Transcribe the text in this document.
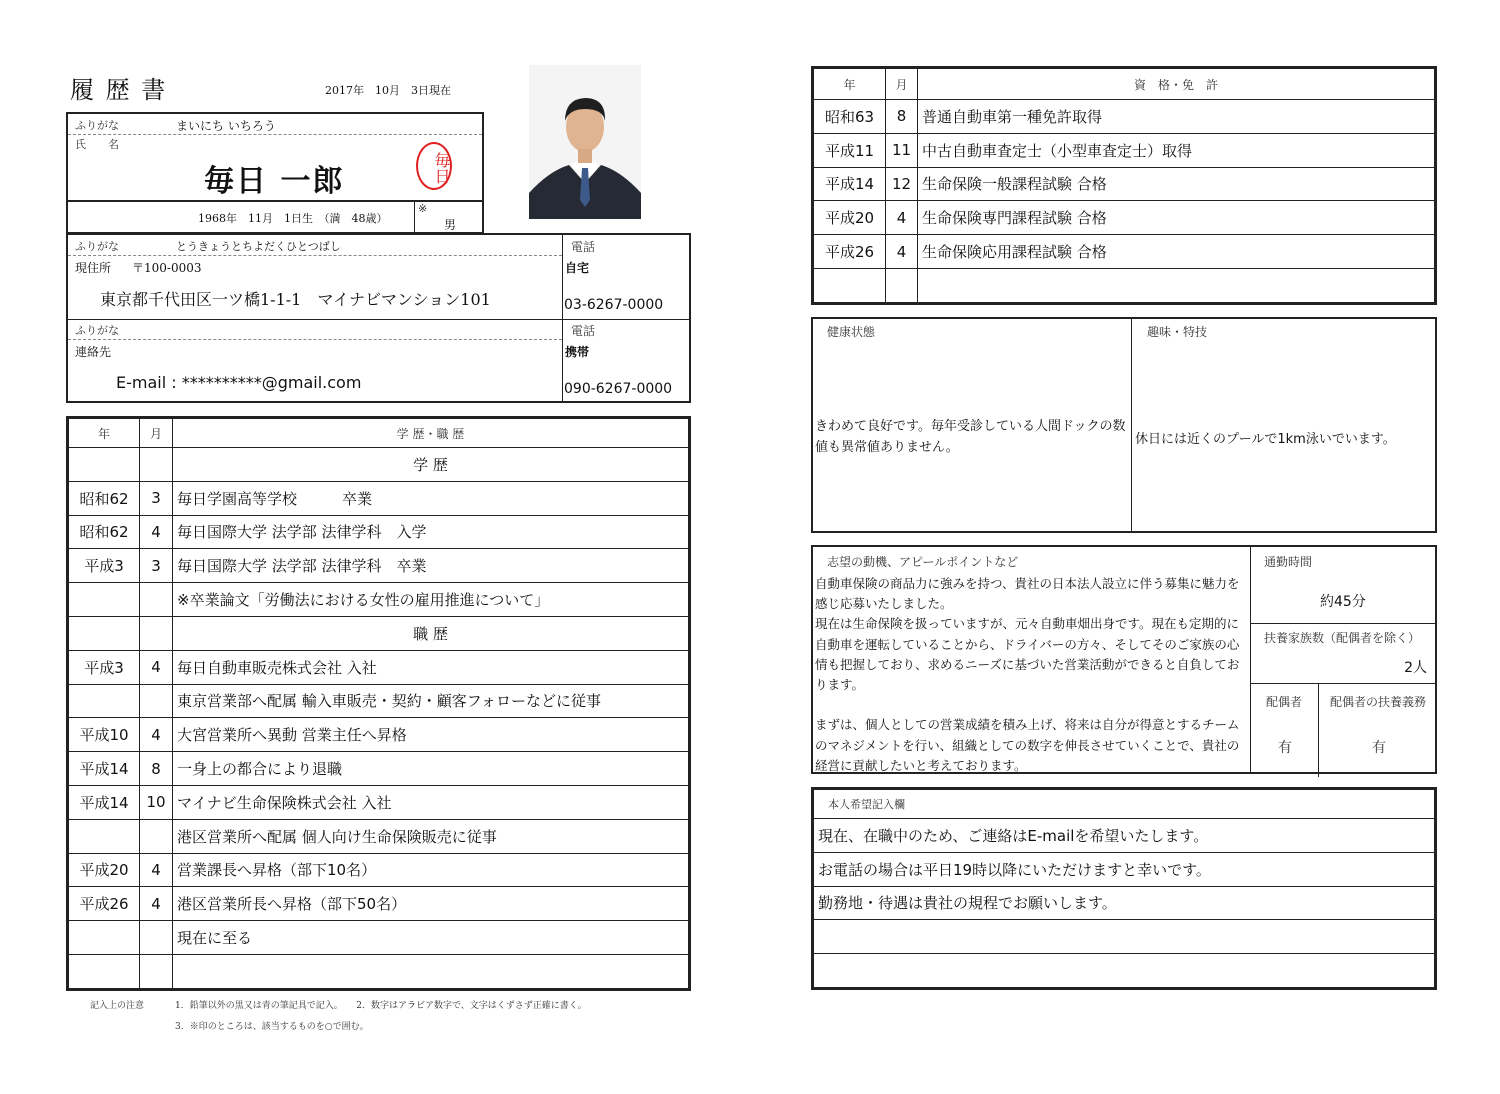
履 歴 書	2017年　10月　3日現在
ふりがな	まいにち いちろう
氏　　名
毎日 一郎	毎日
1968年　11月　1日生　（満　48歳）
※
男
ふりがな	とうきょうとちよだくひとつばし
現住所 〒100-0003
東京都千代田区一ツ橋1-1-1　マイナビマンション101
電話
自宅
03-6267-0000
ふりがな
連絡先
E-mail : **********@gmail.com
電話
携帯
090-6267-0000
年	月	学 歴・職 歴
		学 歴
昭和62	3	毎日学園高等学校　　　卒業
昭和62	4	毎日国際大学 法学部 法律学科　入学
平成3	3	毎日国際大学 法学部 法律学科　卒業
		※卒業論文「労働法における女性の雇用推進について」
		職 歴
平成3	4	毎日自動車販売株式会社 入社
		東京営業部へ配属 輸入車販売・契約・顧客フォローなどに従事
平成10	4	大宮営業所へ異動 営業主任へ昇格
平成14	8	一身上の都合により退職
平成14	10	マイナビ生命保険株式会社 入社
		港区営業所へ配属 個人向け生命保険販売に従事
平成20	4	営業課長へ昇格（部下10名）
平成26	4	港区営業所長へ昇格（部下50名）
		現在に至る

記入上の注意	1．鉛筆以外の黒又は青の筆記具で記入。　　2．数字はアラビア数字で、文字はくずさず正確に書く。
3．※印のところは、該当するものを○で囲む。
年	月	資　格・免　許
昭和63	8	普通自動車第一種免許取得
平成11	11	中古自動車査定士（小型車査定士）取得
平成14	12	生命保険一般課程試験 合格
平成20	4	生命保険専門課程試験 合格
平成26	4	生命保険応用課程試験 合格

健康状態
きわめて良好です。毎年受診している人間ドックの数値も異常値ありません。
趣味・特技
休日には近くのプールで1km泳いでいます。
志望の動機、アピールポイントなど
自動車保険の商品力に強みを持つ、貴社の日本法人設立に伴う募集に魅力を感じ応募いたしました。
現在は生命保険を扱っていますが、元々自動車畑出身です。現在も定期的に自動車を運転していることから、ドライバーの方々、そしてそのご家族の心情も把握しており、求めるニーズに基づいた営業活動ができると自負しております。

まずは、個人としての営業成績を積み上げ、将来は自分が得意とするチームのマネジメントを行い、組織としての数字を伸長させていくことで、貴社の経営に貢献したいと考えております。
通勤時間
約45分
扶養家族数（配偶者を除く）
2人
配偶者
有
配偶者の扶養義務
有
本人希望記入欄
現在、在職中のため、ご連絡はE-mailを希望いたします。
お電話の場合は平日19時以降にいただけますと幸いです。
勤務地・待遇は貴社の規程でお願いします。
